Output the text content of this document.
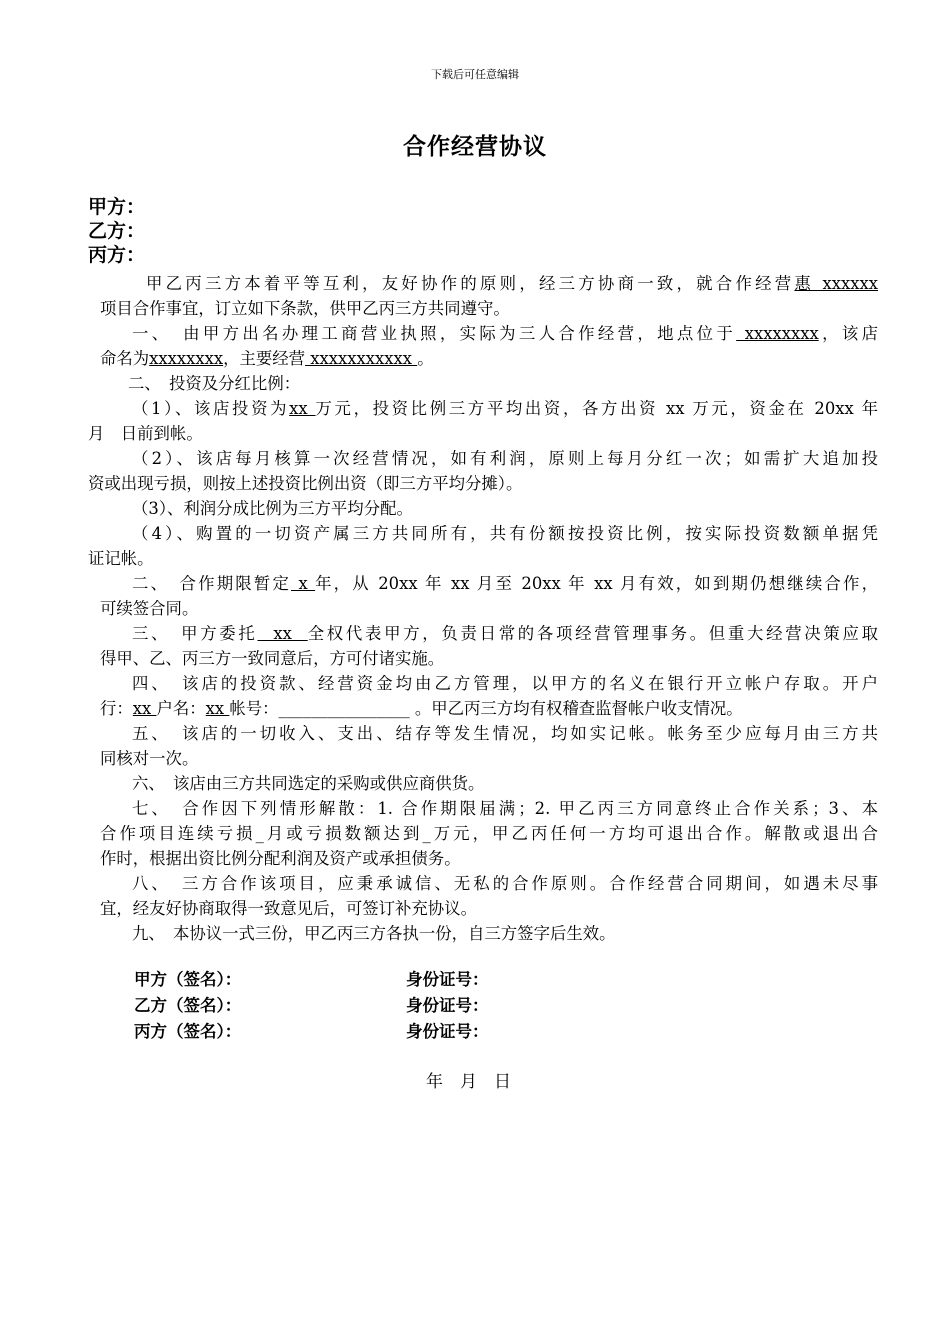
下载后可任意编辑
合作经营协议
甲方：
乙方：
丙方：
甲乙丙三方本着平等互利，友好协作的原则，经三方协商一致，就合作经营惠 xxxxxx
项目合作事宜，订立如下条款，供甲乙丙三方共同遵守。
一、　由甲方出名办理工商营业执照，实际为三人合作经营，地点位于 xxxxxxxx，该店
命名为xxxxxxxx，主要经营 xxxxxxxxxxx 。
二、　投资及分红比例：
（1）、该店投资为xx 万元，投资比例三方平均出资，各方出资 xx 万元，资金在 20xx 年
月　日前到帐。
（2）、该店每月核算一次经营情况，如有利润，原则上每月分红一次；如需扩大追加投
资或出现亏损，则按上述投资比例出资（即三方平均分摊）。
（3）、利润分成比例为三方平均分配。
（4）、购置的一切资产属三方共同所有，共有份额按投资比例，按实际投资数额单据凭
证记帐。
二、　合作期限暂定 x 年，从 20xx 年 xx 月至 20xx 年 xx 月有效，如到期仍想继续合作，
可续签合同。
三、　甲方委托  xx  全权代表甲方，负责日常的各项经营管理事务。但重大经营决策应取
得甲、乙、丙三方一致同意后，方可付诸实施。
四、　该店的投资款、经营资金均由乙方管理，以甲方的名义在银行开立帐户存取。开户
行：xx 户名：xx 帐号：________________ 。甲乙丙三方均有权稽查监督帐户收支情况。
五、　该店的一切收入、支出、结存等发生情况，均如实记帐。帐务至少应每月由三方共
同核对一次。
六、　该店由三方共同选定的采购或供应商供货。
七、　合作因下列情形解散：1. 合作期限届满；2. 甲乙丙三方同意终止合作关系；3、本
合作项目连续亏损_月或亏损数额达到_万元，甲乙丙任何一方均可退出合作。解散或退出合
作时，根据出资比例分配利润及资产或承担债务。
八、　三方合作该项目，应秉承诚信、无私的合作原则。合作经营合同期间，如遇未尽事
宜，经友好协商取得一致意见后，可签订补充协议。
九、　本协议一式三份，甲乙丙三方各执一份，自三方签字后生效。
甲方（签名）：	身份证号：
乙方（签名）：	身份证号：
丙方（签名）：	身份证号：
年　月　日
